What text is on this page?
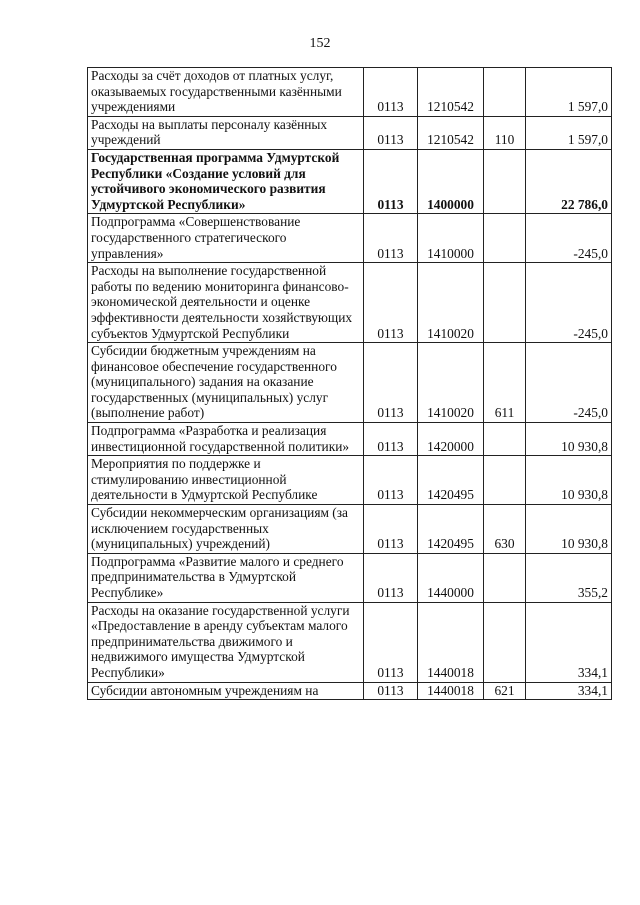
152
Расходы за счёт доходов от платных услуг, оказываемых государственными казёнными учреждениями	0113	1210542		1 597,0
Расходы на выплаты персоналу казённых учреждений	0113	1210542	110	1 597,0
Государственная программа Удмуртской Республики «Создание условий для устойчивого экономического развития Удмуртской Республики»	0113	1400000		22 786,0
Подпрограмма «Совершенствование государственного стратегического управления»	0113	1410000		-245,0
Расходы на выполнение государственной работы по ведению мониторинга финансово-экономической деятельности и оценке эффективности деятельности хозяйствующих субъектов Удмуртской Республики	0113	1410020		-245,0
Субсидии бюджетным учреждениям на финансовое обеспечение государственного (муниципального) задания на оказание государственных (муниципальных) услуг (выполнение работ)	0113	1410020	611	-245,0
Подпрограмма «Разработка и реализация инвестиционной государственной политики»	0113	1420000		10 930,8
Мероприятия по поддержке и стимулированию инвестиционной деятельности в Удмуртской Республике	0113	1420495		10 930,8
Субсидии некоммерческим организациям (за исключением государственных (муниципальных) учреждений)	0113	1420495	630	10 930,8
Подпрограмма «Развитие малого и среднего предпринимательства в Удмуртской Республике»	0113	1440000		355,2
Расходы на оказание государственной услуги «Предоставление в аренду субъектам малого предпринимательства движимого и недвижимого имущества Удмуртской Республики»	0113	1440018		334,1
Субсидии автономным учреждениям на	0113	1440018	621	334,1
